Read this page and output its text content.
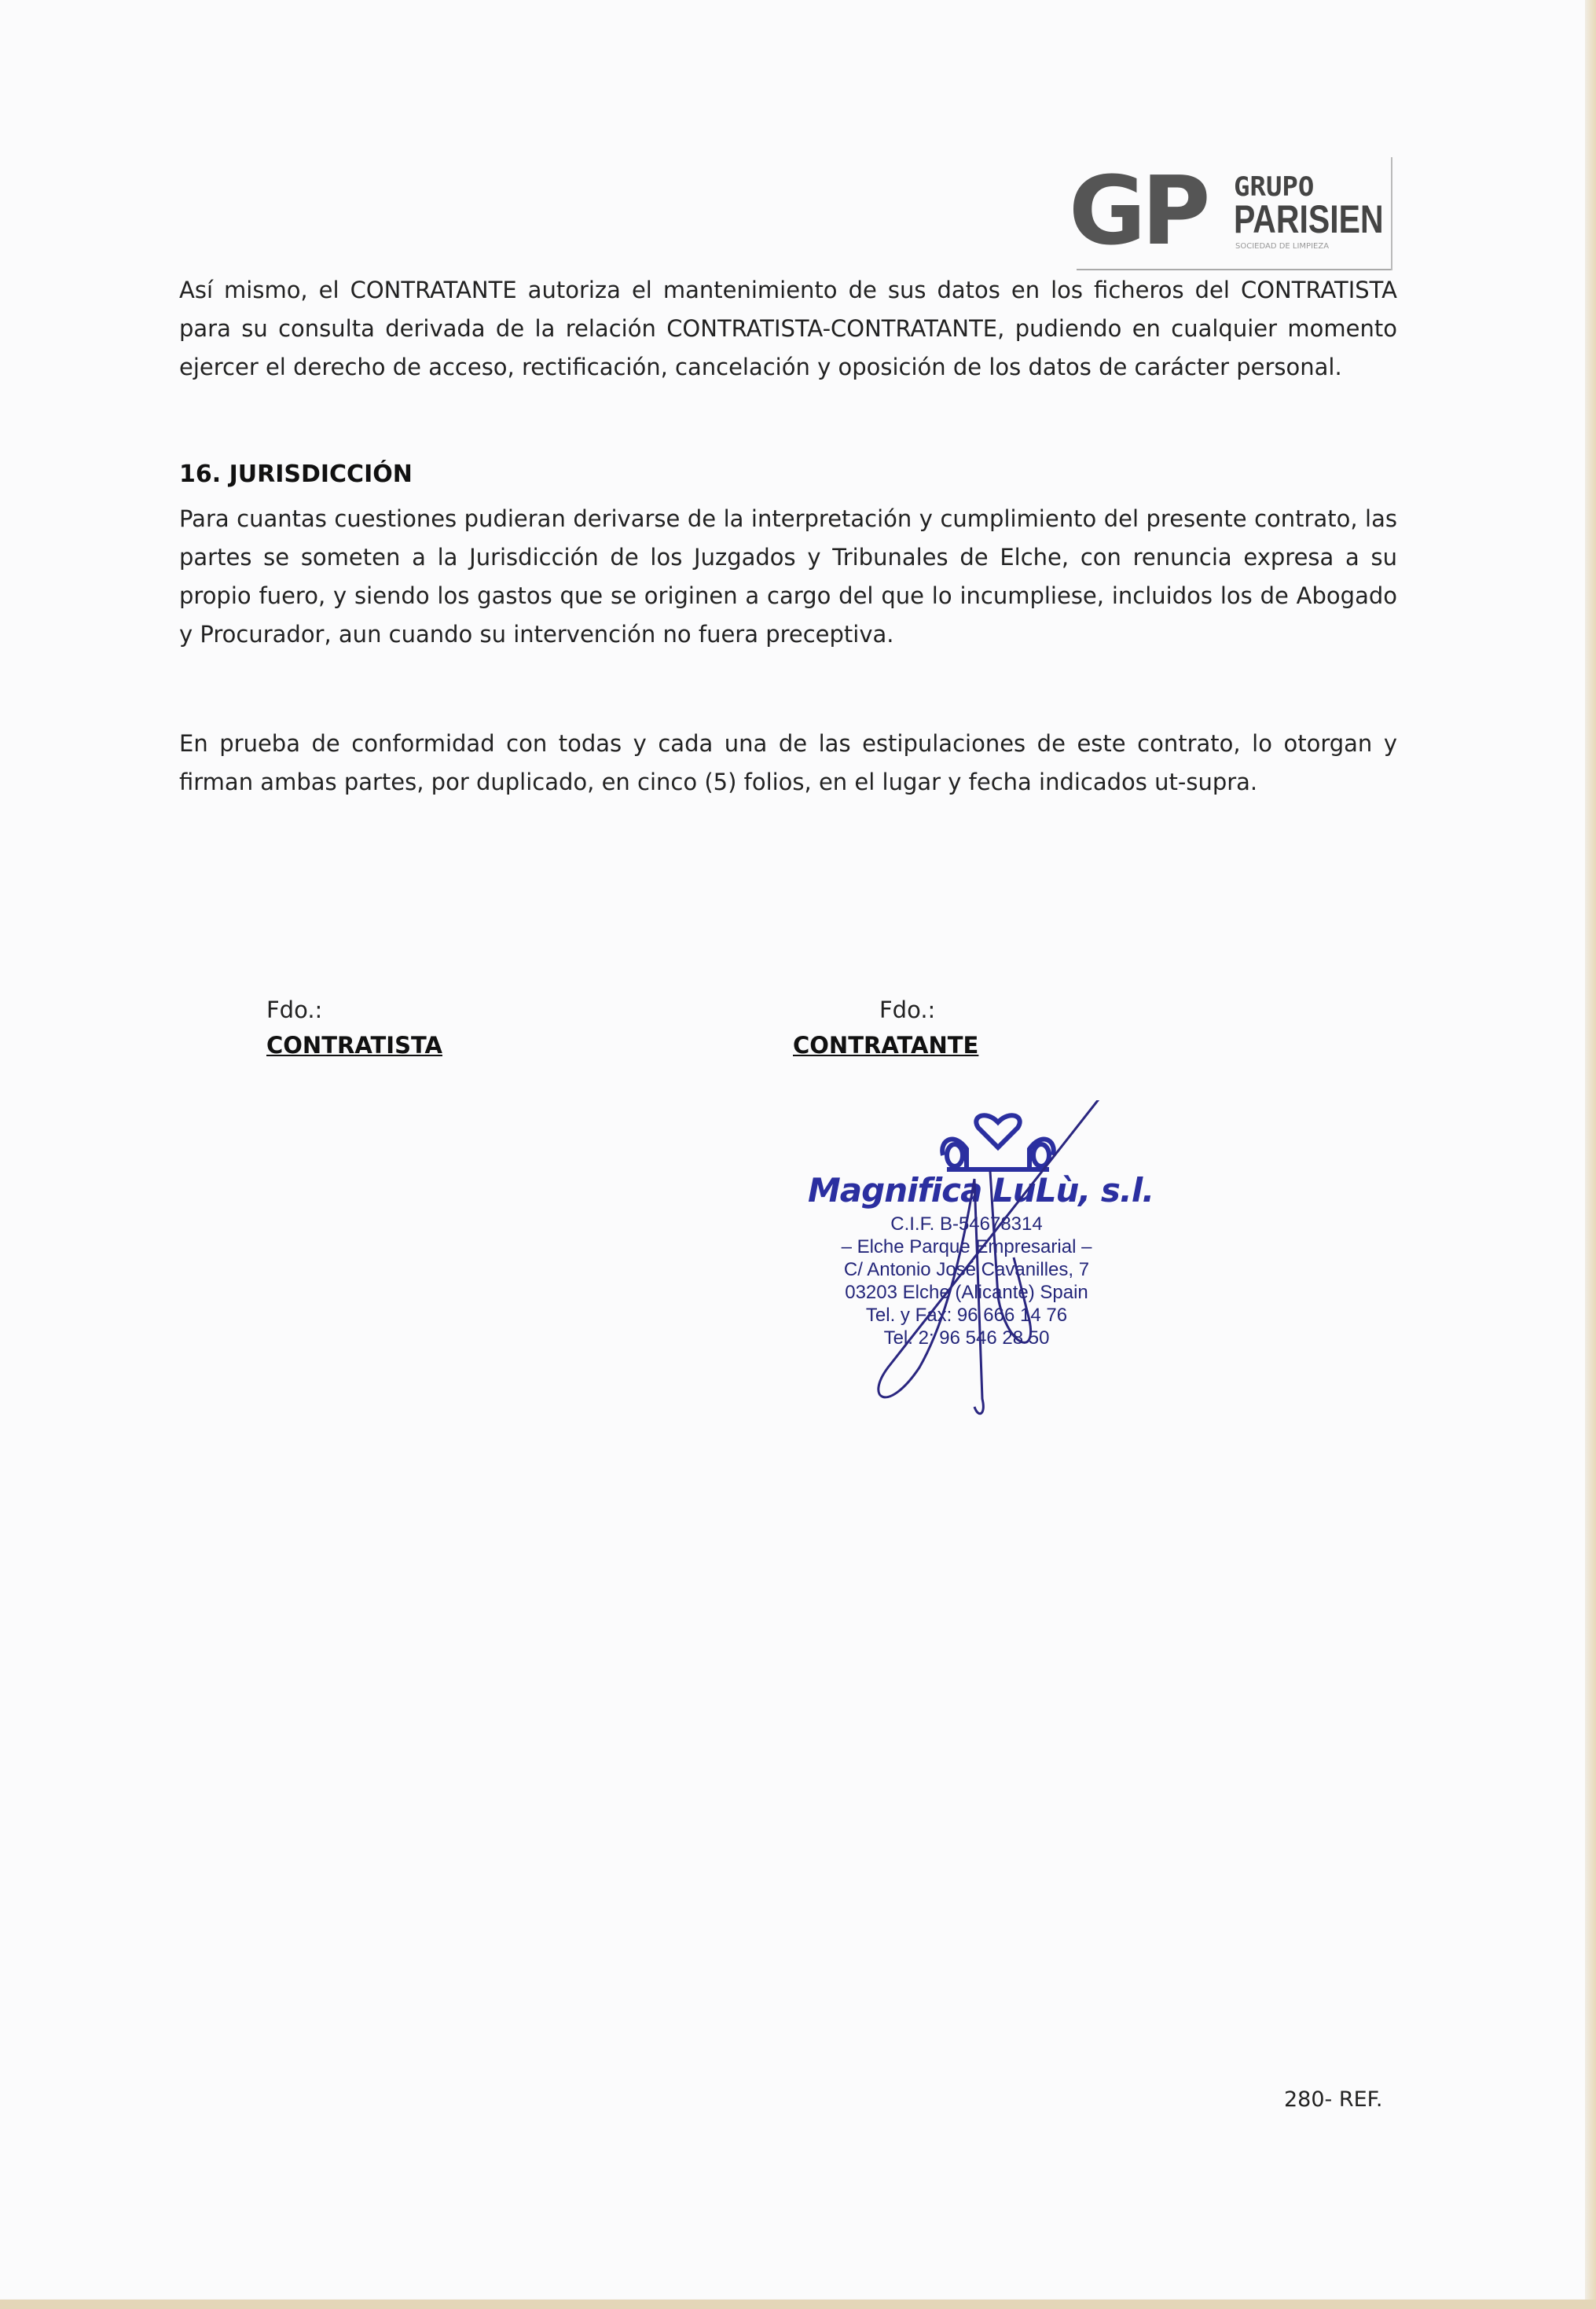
GP GRUPO
PARISIEN
SOCIEDAD DE LIMPIEZA
Así mismo, el CONTRATANTE autoriza el mantenimiento de sus datos en los ficheros del CONTRATISTA para su consulta derivada de la relación CONTRATISTA-CONTRATANTE, pudiendo en cualquier momento ejercer el derecho de acceso, rectificación, cancelación y oposición de los datos de carácter personal.
16. JURISDICCIÓN
Para cuantas cuestiones pudieran derivarse de la interpretación y cumplimiento del presente contrato, las partes se someten a la Jurisdicción de los Juzgados y Tribunales de Elche, con renuncia expresa a su propio fuero, y siendo los gastos que se originen a cargo del que lo incumpliese, incluidos los de Abogado y Procurador, aun cuando su intervención no fuera preceptiva.
En prueba de conformidad con todas y cada una de las estipulaciones de este contrato, lo otorgan y firman ambas partes, por duplicado, en cinco (5) folios, en el lugar y fecha indicados ut-supra.
Fdo.:
CONTRATISTA
Fdo.:
CONTRATANTE
Magnifica LuLù, s.l.
C.I.F. B-54678314
– Elche Parque Empresarial –
C/ Antonio José Cavanilles, 7
03203 Elche (Alicante) Spain
Tel. y Fax: 96 666 14 76
Tel. 2: 96 546 28 50
280- REF.
